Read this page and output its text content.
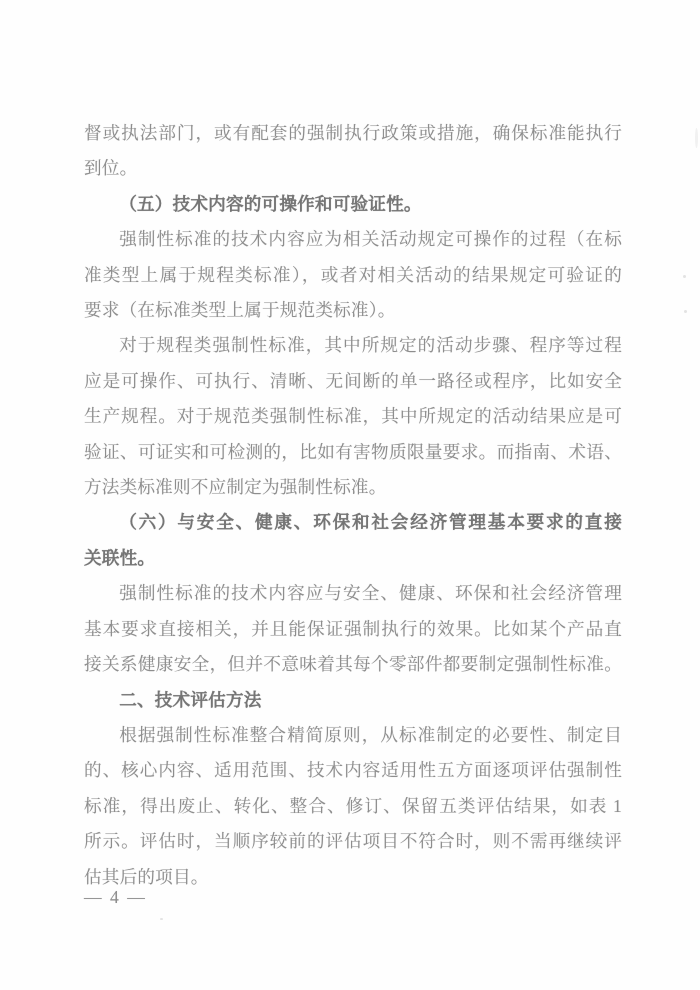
督或执法部门，或有配套的强制执行政策或措施，确保标准能执行
到位。
（五）技术内容的可操作和可验证性。
强制性标准的技术内容应为相关活动规定可操作的过程（在标
准类型上属于规程类标准），或者对相关活动的结果规定可验证的
要求（在标准类型上属于规范类标准）。
对于规程类强制性标准，其中所规定的活动步骤、程序等过程
应是可操作、可执行、清晰、无间断的单一路径或程序，比如安全
生产规程。对于规范类强制性标准，其中所规定的活动结果应是可
验证、可证实和可检测的，比如有害物质限量要求。而指南、术语、
方法类标准则不应制定为强制性标准。
（六）与安全、健康、环保和社会经济管理基本要求的直接
关联性。
强制性标准的技术内容应与安全、健康、环保和社会经济管理
基本要求直接相关，并且能保证强制执行的效果。比如某个产品直
接关系健康安全，但并不意味着其每个零部件都要制定强制性标准。
二、技术评估方法
根据强制性标准整合精简原则，从标准制定的必要性、制定目
的、核心内容、适用范围、技术内容适用性五方面逐项评估强制性
标准，得出废止、转化、整合、修订、保留五类评估结果，如表 1
所示。评估时，当顺序较前的评估项目不符合时，则不需再继续评
估其后的项目。
— 4 —
